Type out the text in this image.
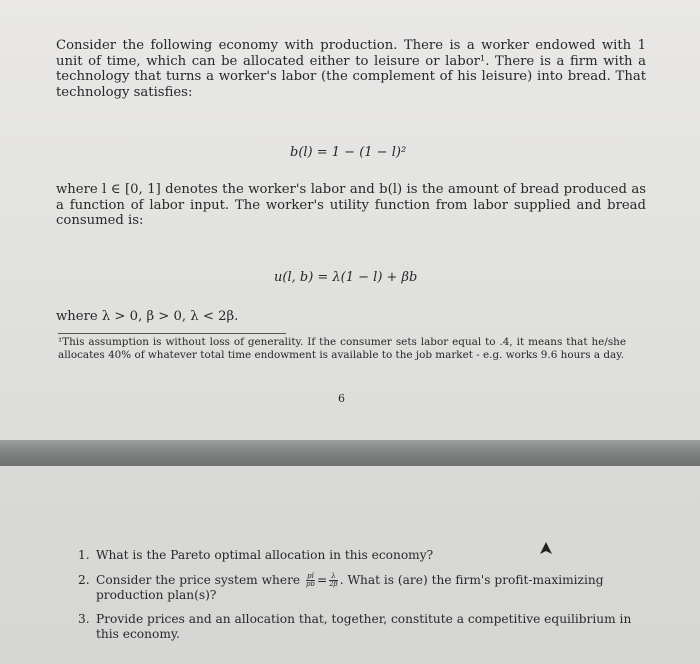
Consider the following economy with production. There is a worker endowed with 1 unit of time, which can be allocated either to leisure or labor¹. There is a firm with a technology that turns a worker's labor (the complement of his leisure) into bread. That technology satisfies:
b(l) = 1 − (1 − l)²
where l ∈ [0, 1] denotes the worker's labor and b(l) is the amount of bread produced as a function of labor input. The worker's utility function from labor supplied and bread consumed is:
u(l, b) = λ(1 − l) + βb
where λ > 0, β > 0, λ < 2β.
¹This assumption is without loss of generality. If the consumer sets labor equal to .4, it means that he/she allocates 40% of whatever total time endowment is available to the job market - e.g. works 9.6 hours a day.
6
1. What is the Pareto optimal allocation in this economy?
2. Consider the price system where $\frac{pl}{pb} = \frac{\lambda}{2\beta}$ . What is (are) the firm's profit-maximizing production plan(s)?
3. Provide prices and an allocation that, together, constitute a competitive equilibrium in this economy.
